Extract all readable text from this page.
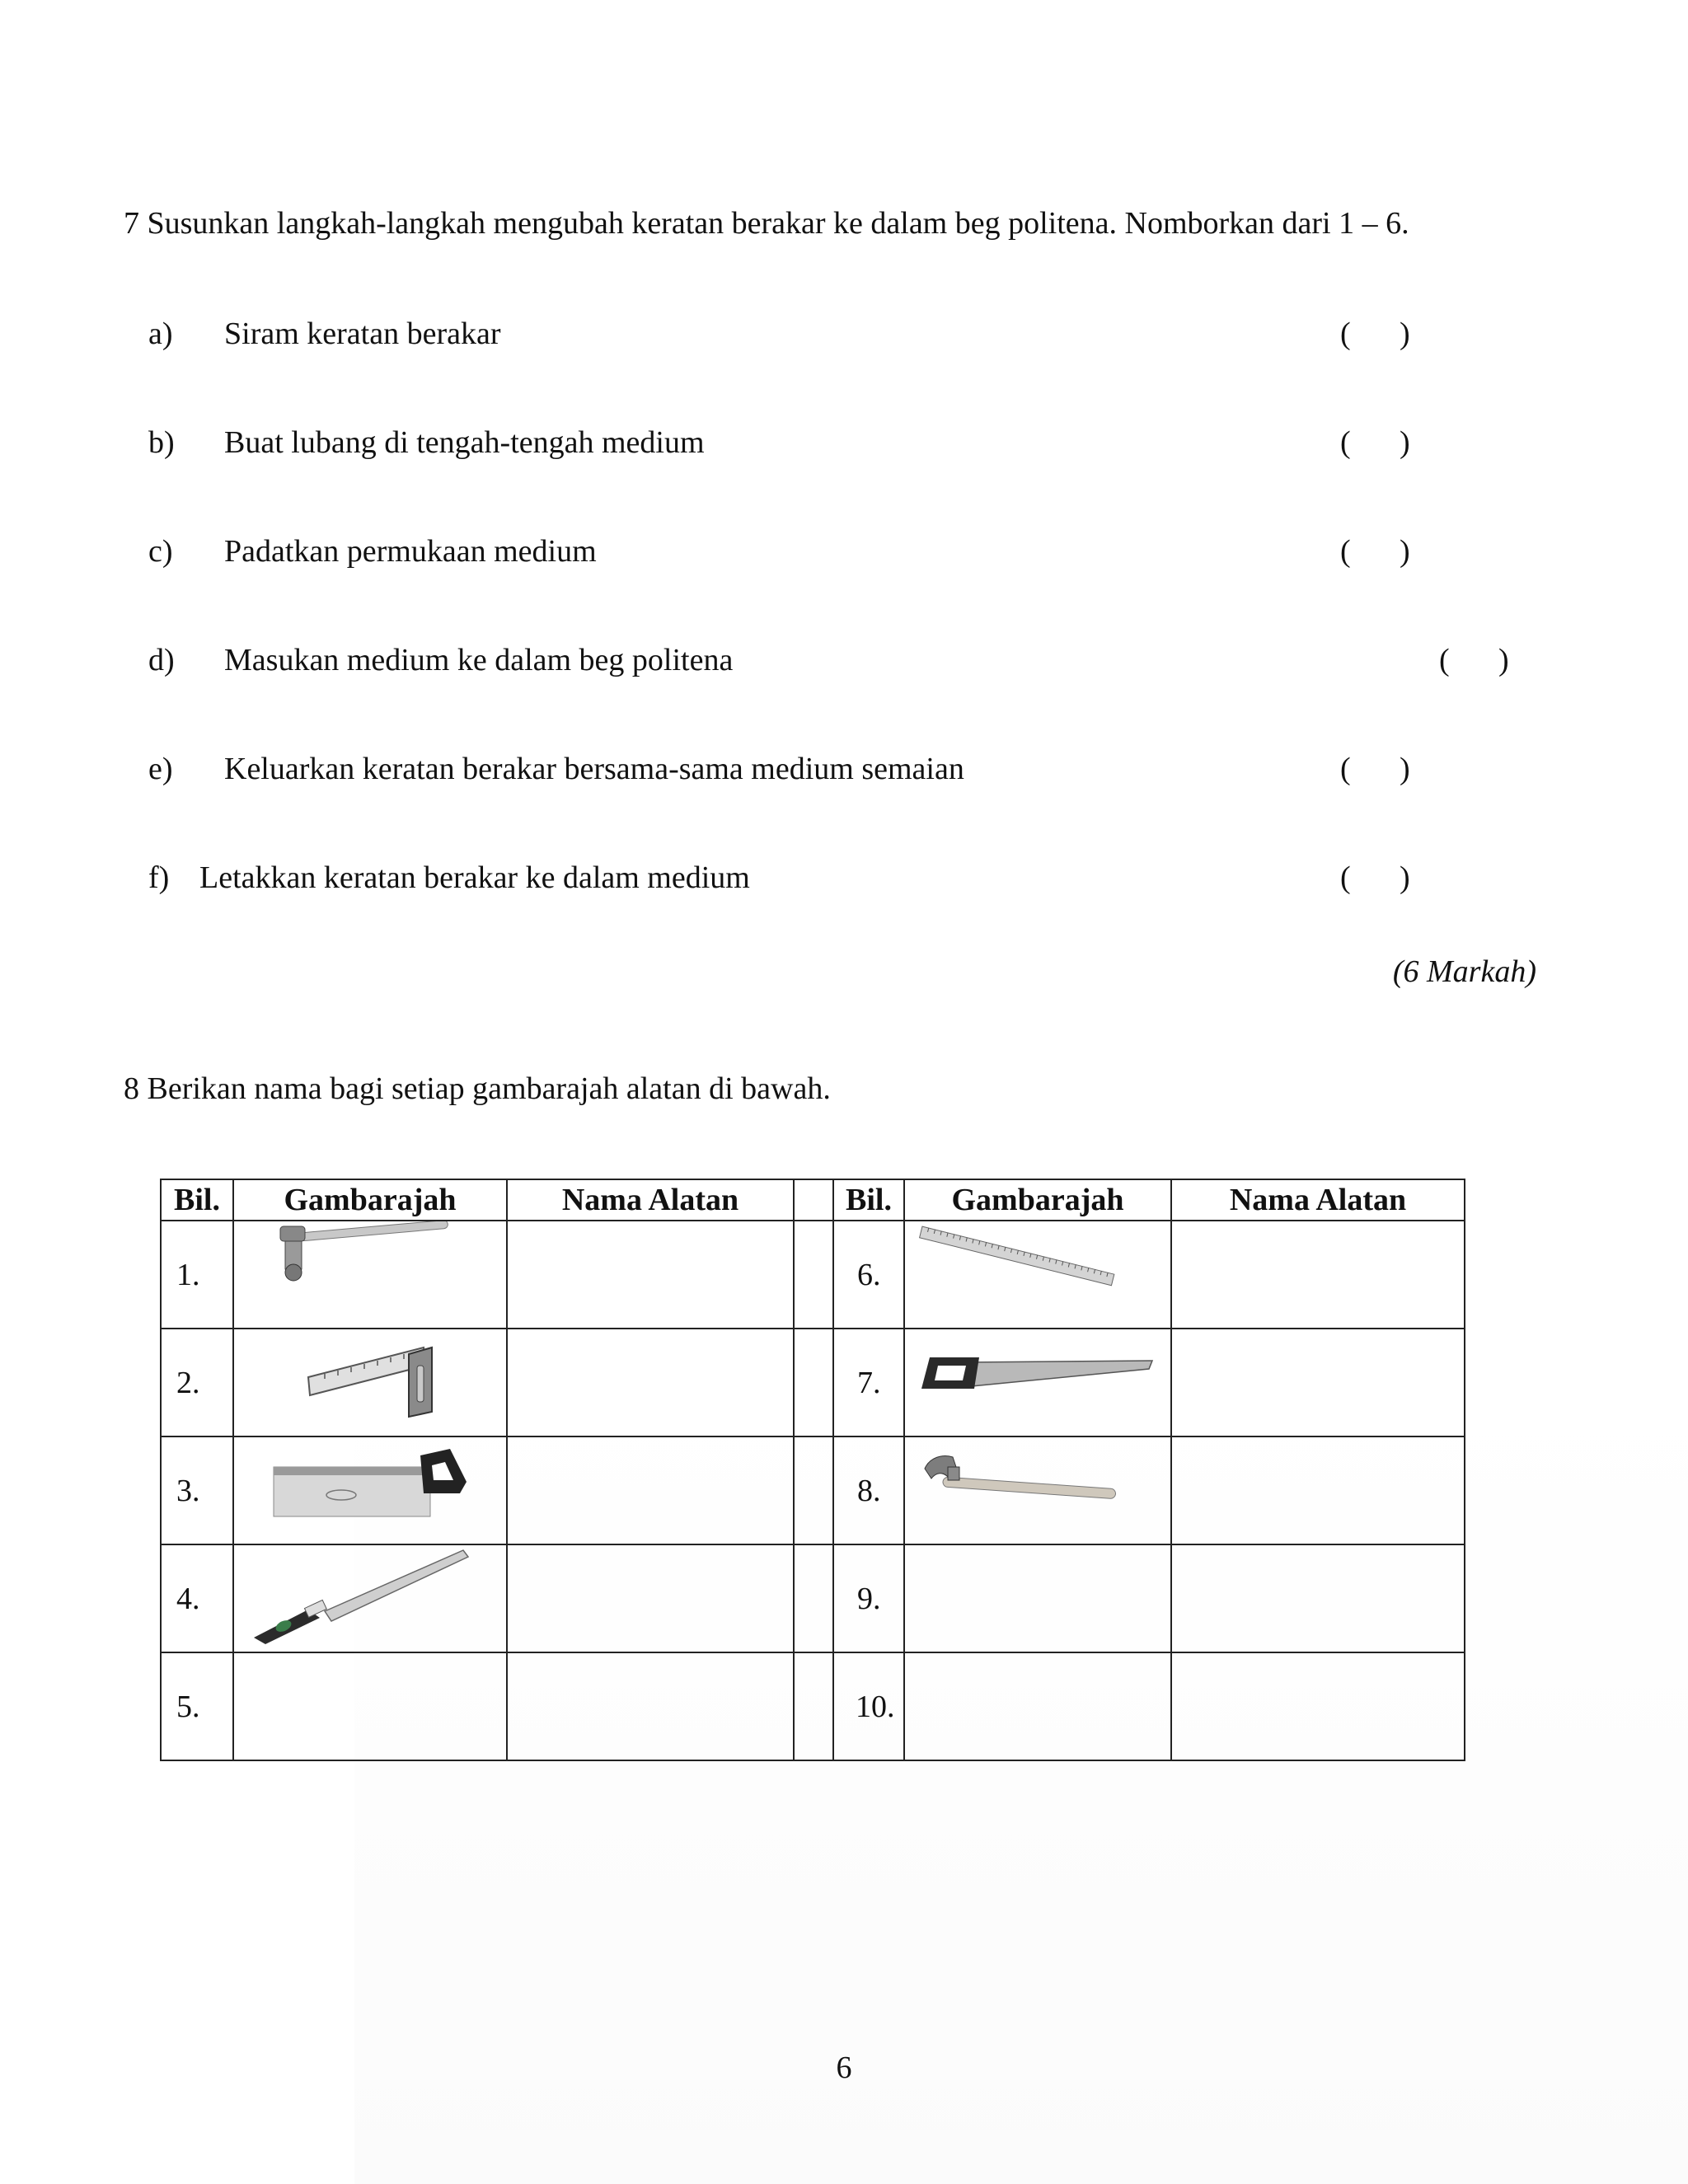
7 Susunkan langkah-langkah mengubah keratan berakar ke dalam beg politena. Nomborkan dari 1 – 6.
a) Siram keratan berakar	( )
b) Buat lubang di tengah-tengah medium	( )
c) Padatkan permukaan medium	( )
d) Masukan medium ke dalam beg politena	( )
e) Keluarkan keratan berakar bersama-sama medium semaian	( )
f) Letakkan keratan berakar ke dalam medium	( )
(6 Markah)
8 Berikan nama bagi setiap gambarajah alatan di bawah.
Bil.	Gambarajah	Nama Alatan		Bil.	Gambarajah	Nama Alatan
1.				6.	

2.				7.	

3.				8.	

4.				9.		
5.				10.		
6
